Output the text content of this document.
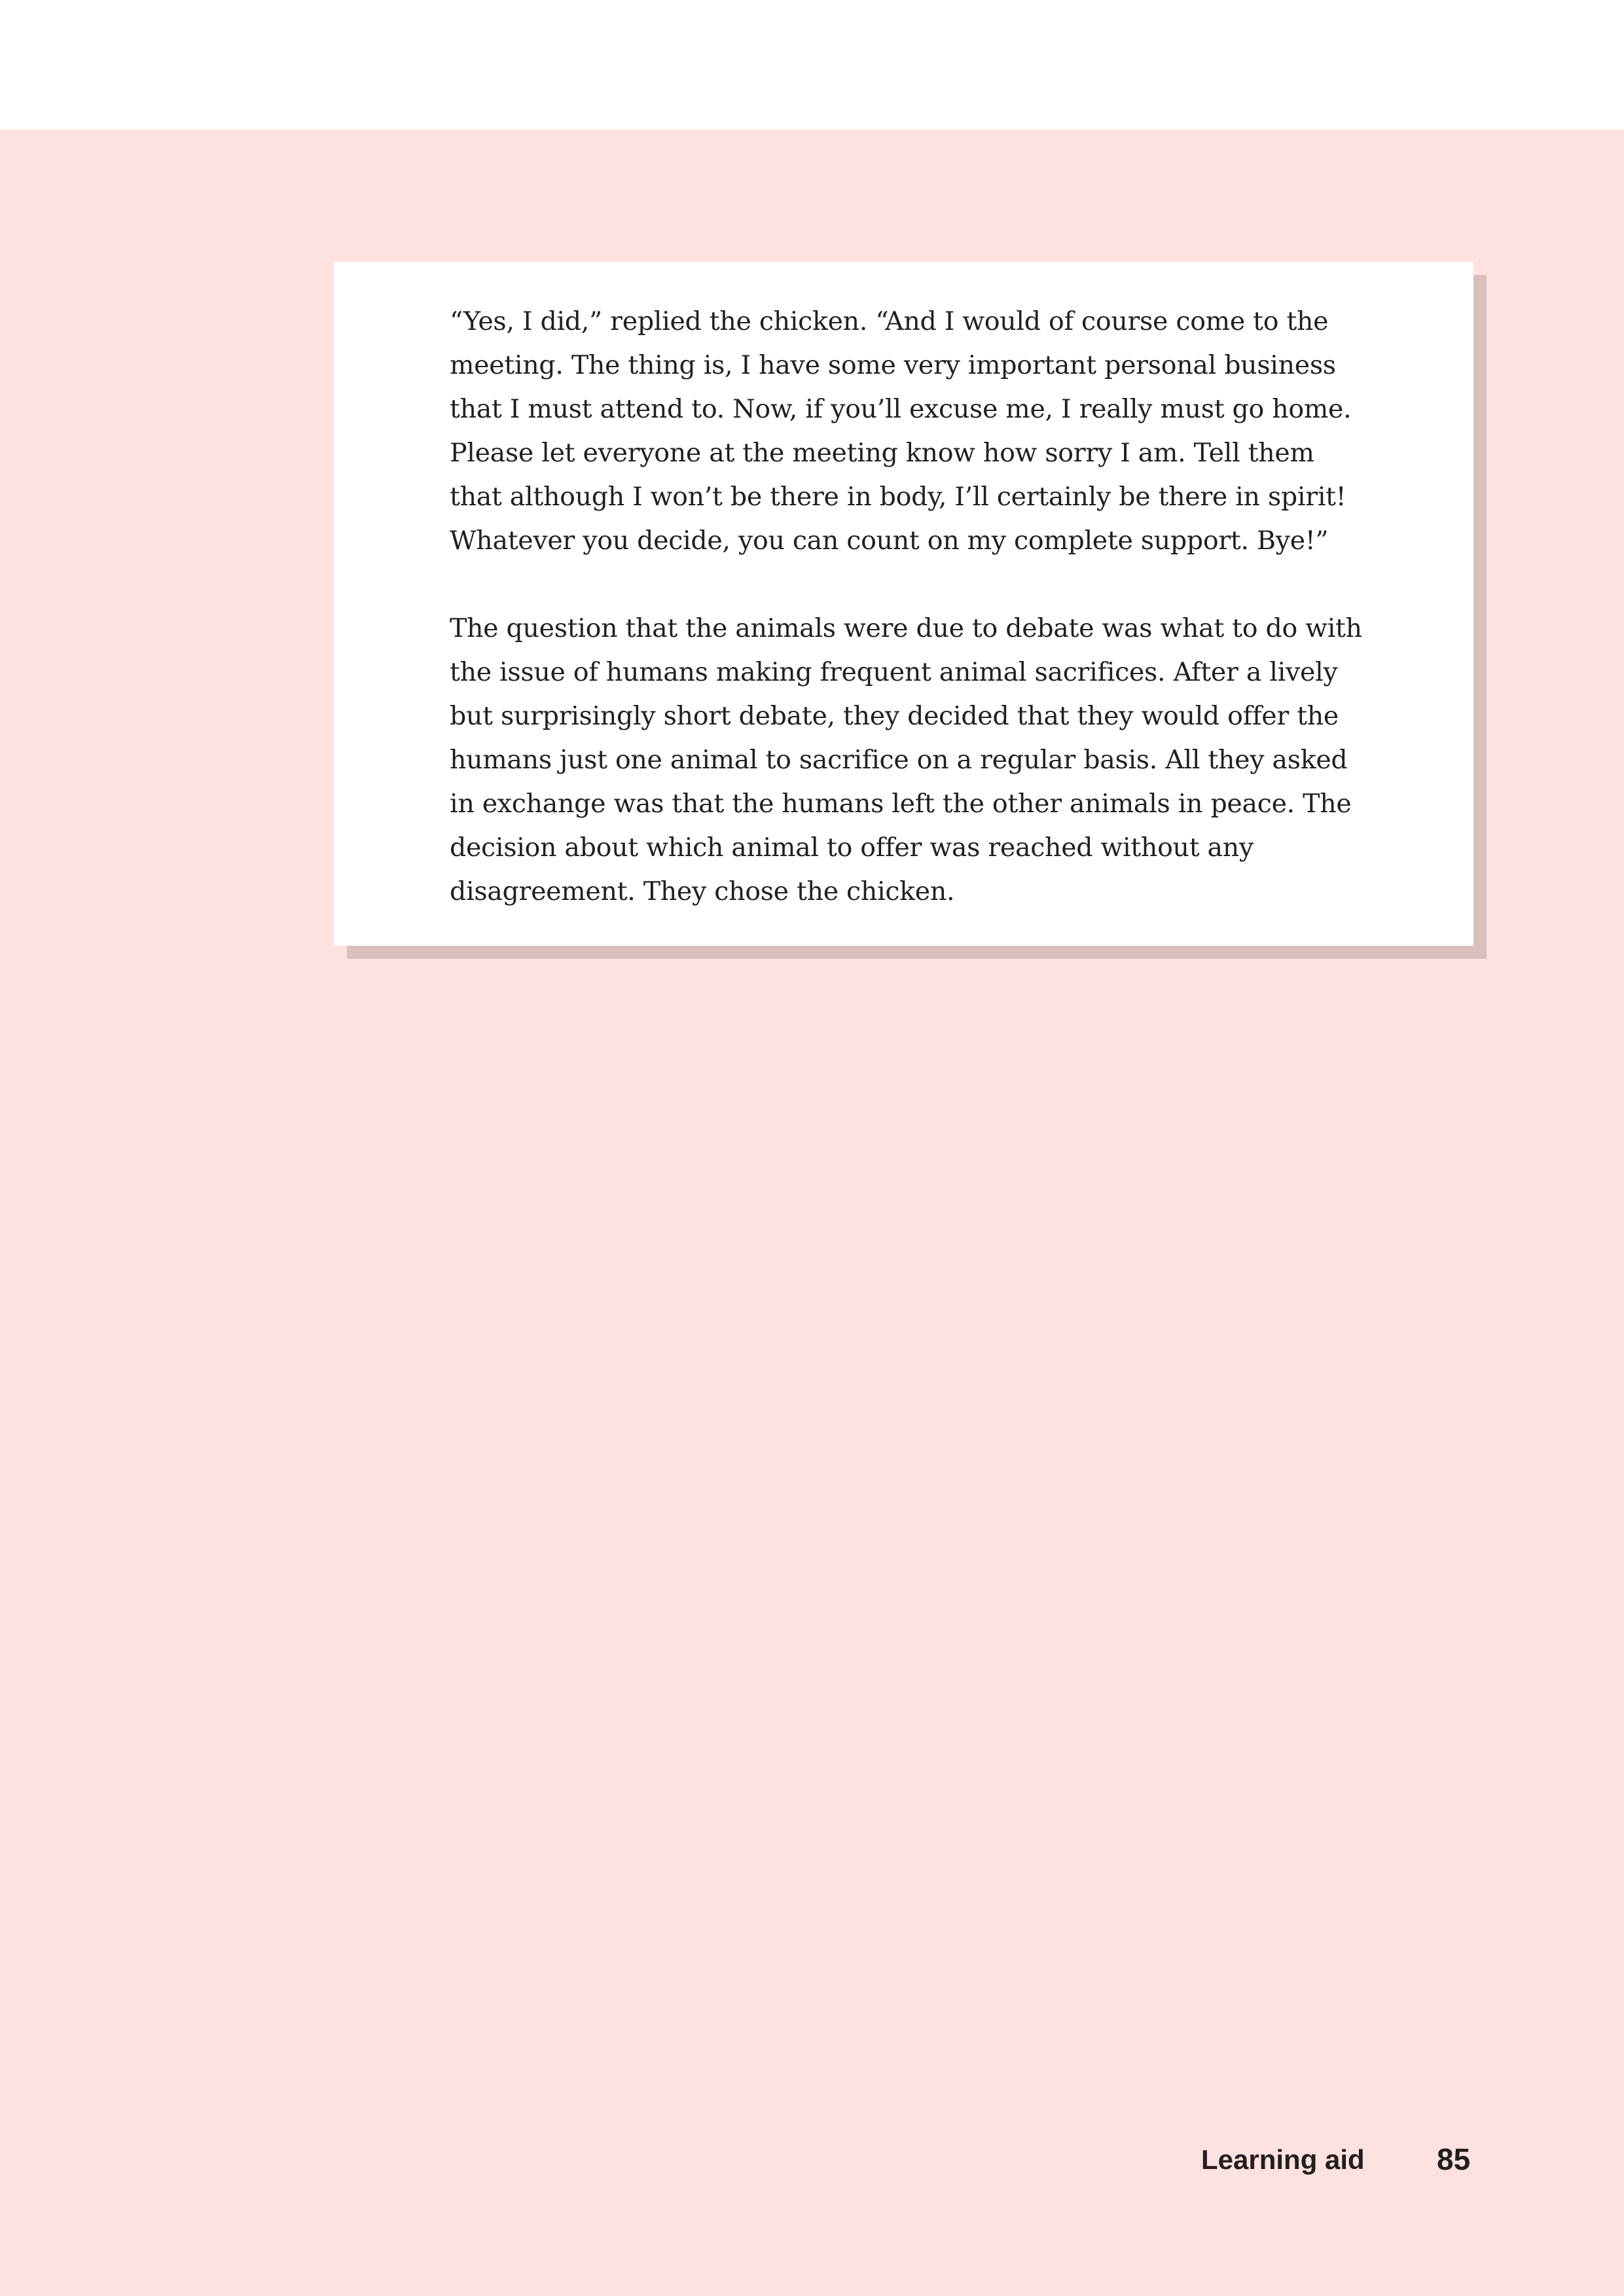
“Yes, I did,” replied the chicken. “And I would of course come to the meeting. The thing is, I have some very important personal business that I must attend to. Now, if you’ll excuse me, I really must go home. Please let everyone at the meeting know how sorry I am. Tell them that although I won’t be there in body, I’ll certainly be there in spirit! Whatever you decide, you can count on my complete support. Bye!”

The question that the animals were due to debate was what to do with the issue of humans making frequent animal sacrifices. After a lively but surprisingly short debate, they decided that they would offer the humans just one animal to sacrifice on a regular basis. All they asked in exchange was that the humans left the other animals in peace. The decision about which animal to offer was reached without any disagreement. They chose the chicken.

Learning aid 85
